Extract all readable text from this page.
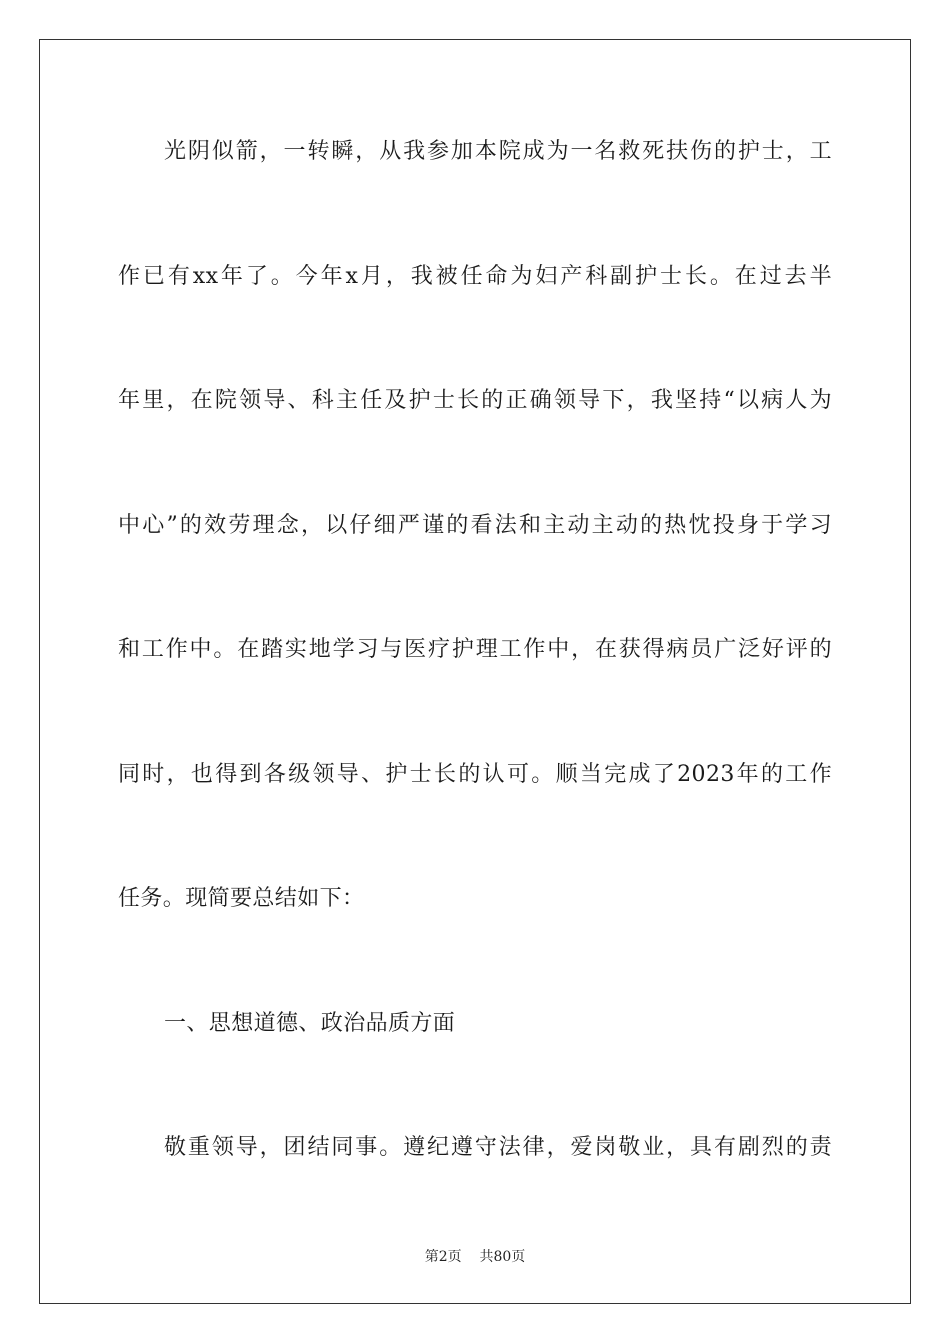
光阴似箭，一转瞬，从我参加本院成为一名救死扶伤的护士，工
作已有xx年了。今年x月，我被任命为妇产科副护士长。在过去半
年里，在院领导、科主任及护士长的正确领导下，我坚持“以病人为
中心”的效劳理念，以仔细严谨的看法和主动主动的热忱投身于学习
和工作中。在踏实地学习与医疗护理工作中，在获得病员广泛好评的
同时，也得到各级领导、护士长的认可。顺当完成了2023年的工作
任务。现简要总结如下：
一、思想道德、政治品质方面
敬重领导，团结同事。遵纪遵守法律，爱岗敬业，具有剧烈的责
第2页 共80页
